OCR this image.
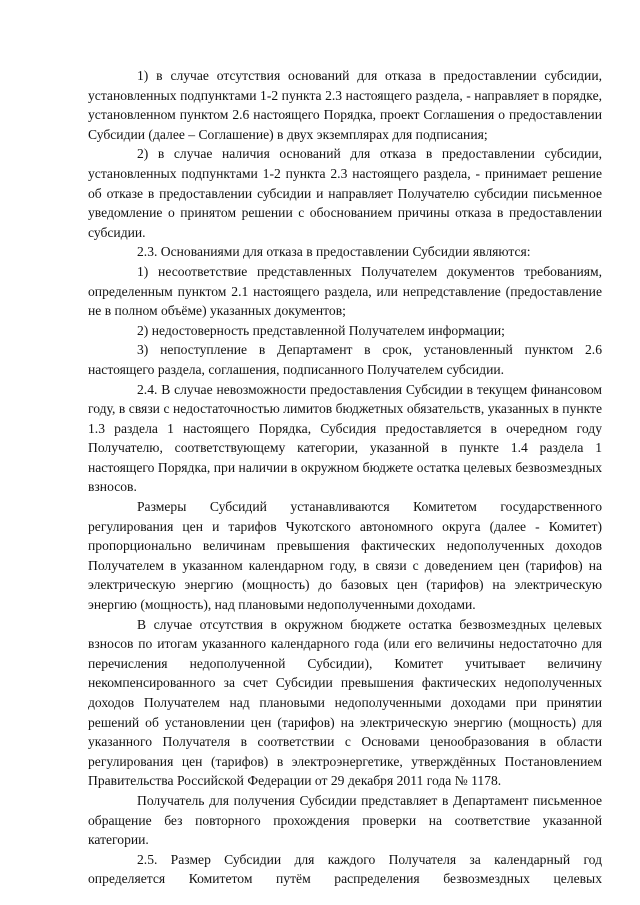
1) в случае отсутствия оснований для отказа в предоставлении субсидии, установленных подпунктами 1-2 пункта 2.3 настоящего раздела, - направляет в порядке, установленном пунктом 2.6 настоящего Порядка, проект Соглашения о предоставлении Субсидии (далее – Соглашение) в двух экземплярах для подписания;

2) в случае наличия оснований для отказа в предоставлении субсидии, установленных подпунктами 1-2 пункта 2.3 настоящего раздела, - принимает решение об отказе в предоставлении субсидии и направляет Получателю субсидии письменное уведомление о принятом решении с обоснованием причины отказа в предоставлении субсидии.

2.3. Основаниями для отказа в предоставлении Субсидии являются:

1) несоответствие представленных Получателем документов требованиям, определенным пунктом 2.1 настоящего раздела, или непредставление (предоставление не в полном объёме) указанных документов;

2) недостоверность представленной Получателем информации;

3) непоступление в Департамент в срок, установленный пунктом 2.6 настоящего раздела, соглашения, подписанного Получателем субсидии.

2.4. В случае невозможности предоставления Субсидии в текущем финансовом году, в связи с недостаточностью лимитов бюджетных обязательств, указанных в пункте 1.3 раздела 1 настоящего Порядка, Субсидия предоставляется в очередном году Получателю, соответствующему категории, указанной в пункте 1.4 раздела 1 настоящего Порядка, при наличии в окружном бюджете остатка целевых безвозмездных взносов.

Размеры Субсидий устанавливаются Комитетом государственного регулирования цен и тарифов Чукотского автономного округа (далее - Комитет) пропорционально величинам превышения фактических недополученных доходов Получателем в указанном календарном году, в связи с доведением цен (тарифов) на электрическую энергию (мощность) до базовых цен (тарифов) на электрическую энергию (мощность), над плановыми недополученными доходами.

В случае отсутствия в окружном бюджете остатка безвозмездных целевых взносов по итогам указанного календарного года (или его величины недостаточно для перечисления недополученной Субсидии), Комитет учитывает величину некомпенсированного за счет Субсидии превышения фактических недополученных доходов Получателем над плановыми недополученными доходами при принятии решений об установлении цен (тарифов) на электрическую энергию (мощность) для указанного Получателя в соответствии с Основами ценообразования в области регулирования цен (тарифов) в электроэнергетике, утверждённых Постановлением Правительства Российской Федерации от 29 декабря 2011 года № 1178.

Получатель для получения Субсидии представляет в Департамент письменное обращение без повторного прохождения проверки на соответствие указанной категории.

2.5. Размер Субсидии для каждого Получателя за календарный год определяется Комитетом путём распределения безвозмездных целевых
